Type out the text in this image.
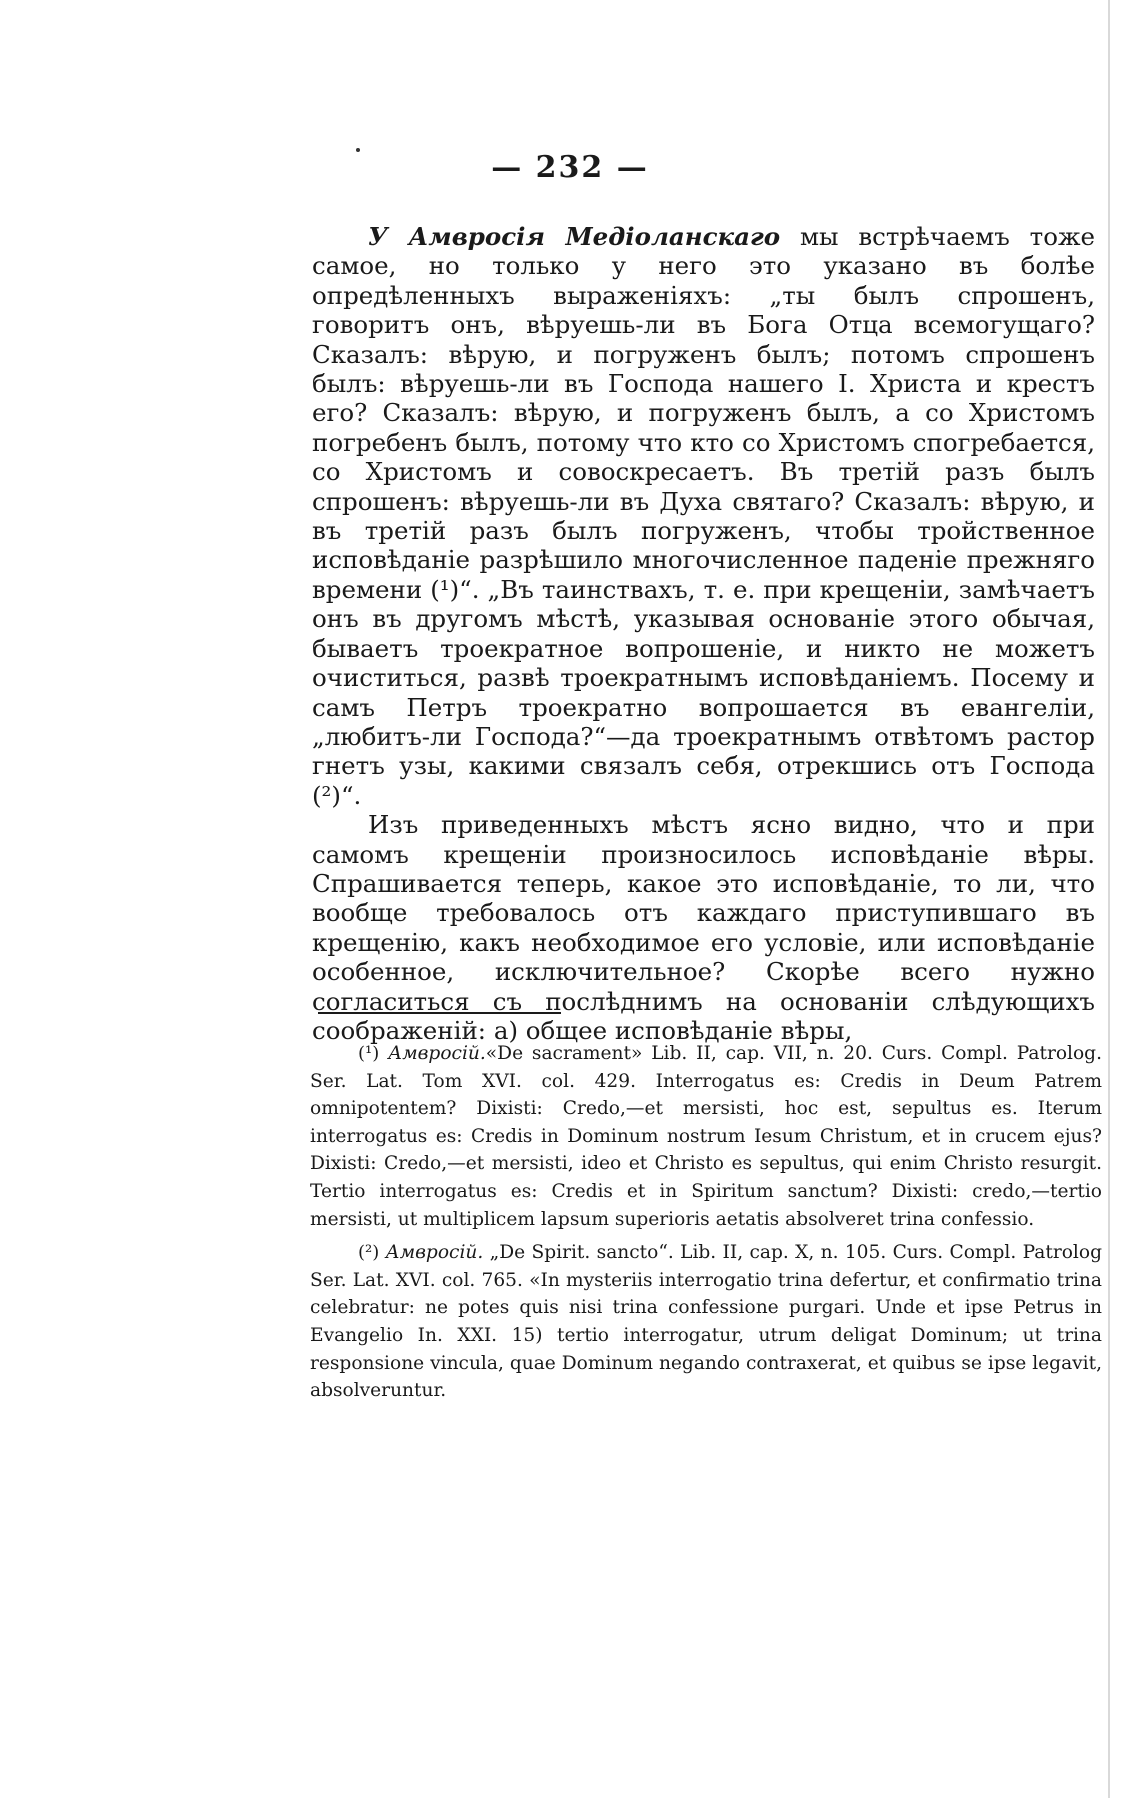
— 232 —

У Амвросія Медіоланскаго мы встрѣчаемъ тоже самое, но только у него это указано въ болѣе опредѣленныхъ выраженіяхъ: „ты былъ спрошенъ, говоритъ онъ, вѣруешь-ли въ Бога Отца всемогущаго? Сказалъ: вѣрую, и погруженъ былъ; потомъ спрошенъ былъ: вѣруешь-ли въ Господа нашего І. Христа и крестъ его? Сказалъ: вѣрую, и погруженъ былъ, а со Христомъ погребенъ былъ, потому что кто со Христомъ спогребается, со Христомъ и совоскреcаетъ. Въ третій разъ былъ спрошенъ: вѣруешь-ли въ Духа святаго? Сказалъ: вѣрую, и въ третій разъ былъ погруженъ, чтобы тройственное исповѣданіе разрѣшило многочисленное паденіе прежняго времени (¹)“. „Въ таинствахъ, т. е. при крещеніи, замѣчаетъ онъ въ другомъ мѣстѣ, указывая основаніе этого обычая, бываетъ троекратное вопрошеніе, и никто не можетъ очиститься, развѣ троекратнымъ исповѣданіемъ. Посему и самъ Петръ троекратно вопрошается въ евангеліи, „любитъ-ли Господа?“—да троекратнымъ отвѣтомъ растор гнетъ узы, какими связалъ себя, отрекшись отъ Господа (²)“.

Изъ приведенныхъ мѣстъ ясно видно, что и при самомъ крещеніи произносилось исповѣданіе вѣры. Спрашивается теперь, какое это исповѣданіе, то ли, что вообще требовалось отъ каждаго приступившаго въ крещенію, какъ необходимое его условіе, или исповѣданіе особенное, исключительное? Скорѣе всего нужно согласиться съ послѣднимъ на основаніи слѣдующихъ соображеній: а) общее исповѣданіе вѣры,

(¹) Амвросій.«De sacrament» Lib. II, cap. VII, n. 20. Curs. Compl. Patrolog. Ser. Lat. Tom XVI. col. 429. Interrogatus es: Credis in Deum Patrem omnipotentem? Dixisti: Credo,—et mersisti, hoc est, sepultus es. Iterum interrogatus es: Credis in Dominum nostrum Iesum Christum, et in crucem ejus? Dixisti: Credo,—et mersisti, ideo et Christo es sepultus, qui enim Christo resurgit. Tertio interrogatus es: Credis et in Spiritum sanctum? Dixisti: credo,—tertio mersisti, ut multiplicem lapsum superioris aetatis absolveret trina confessio.

(²) Амвросій. „De Spirit. sancto“. Lib. II, cap. X, n. 105. Curs. Compl. Patrolog Ser. Lat. XVI. col. 765. «In mysteriis interrogatio trina defertur, et confirmatio trina celebratur: ne potes quis nisi trina confessione purgari. Unde et ipse Petrus in Evangelio In. XXI. 15) tertio interrogatur, utrum deligat Dominum; ut trina responsione vincula, quae Dominum negando contraxerat, et quibus se ipse legavit, absolveruntur.
